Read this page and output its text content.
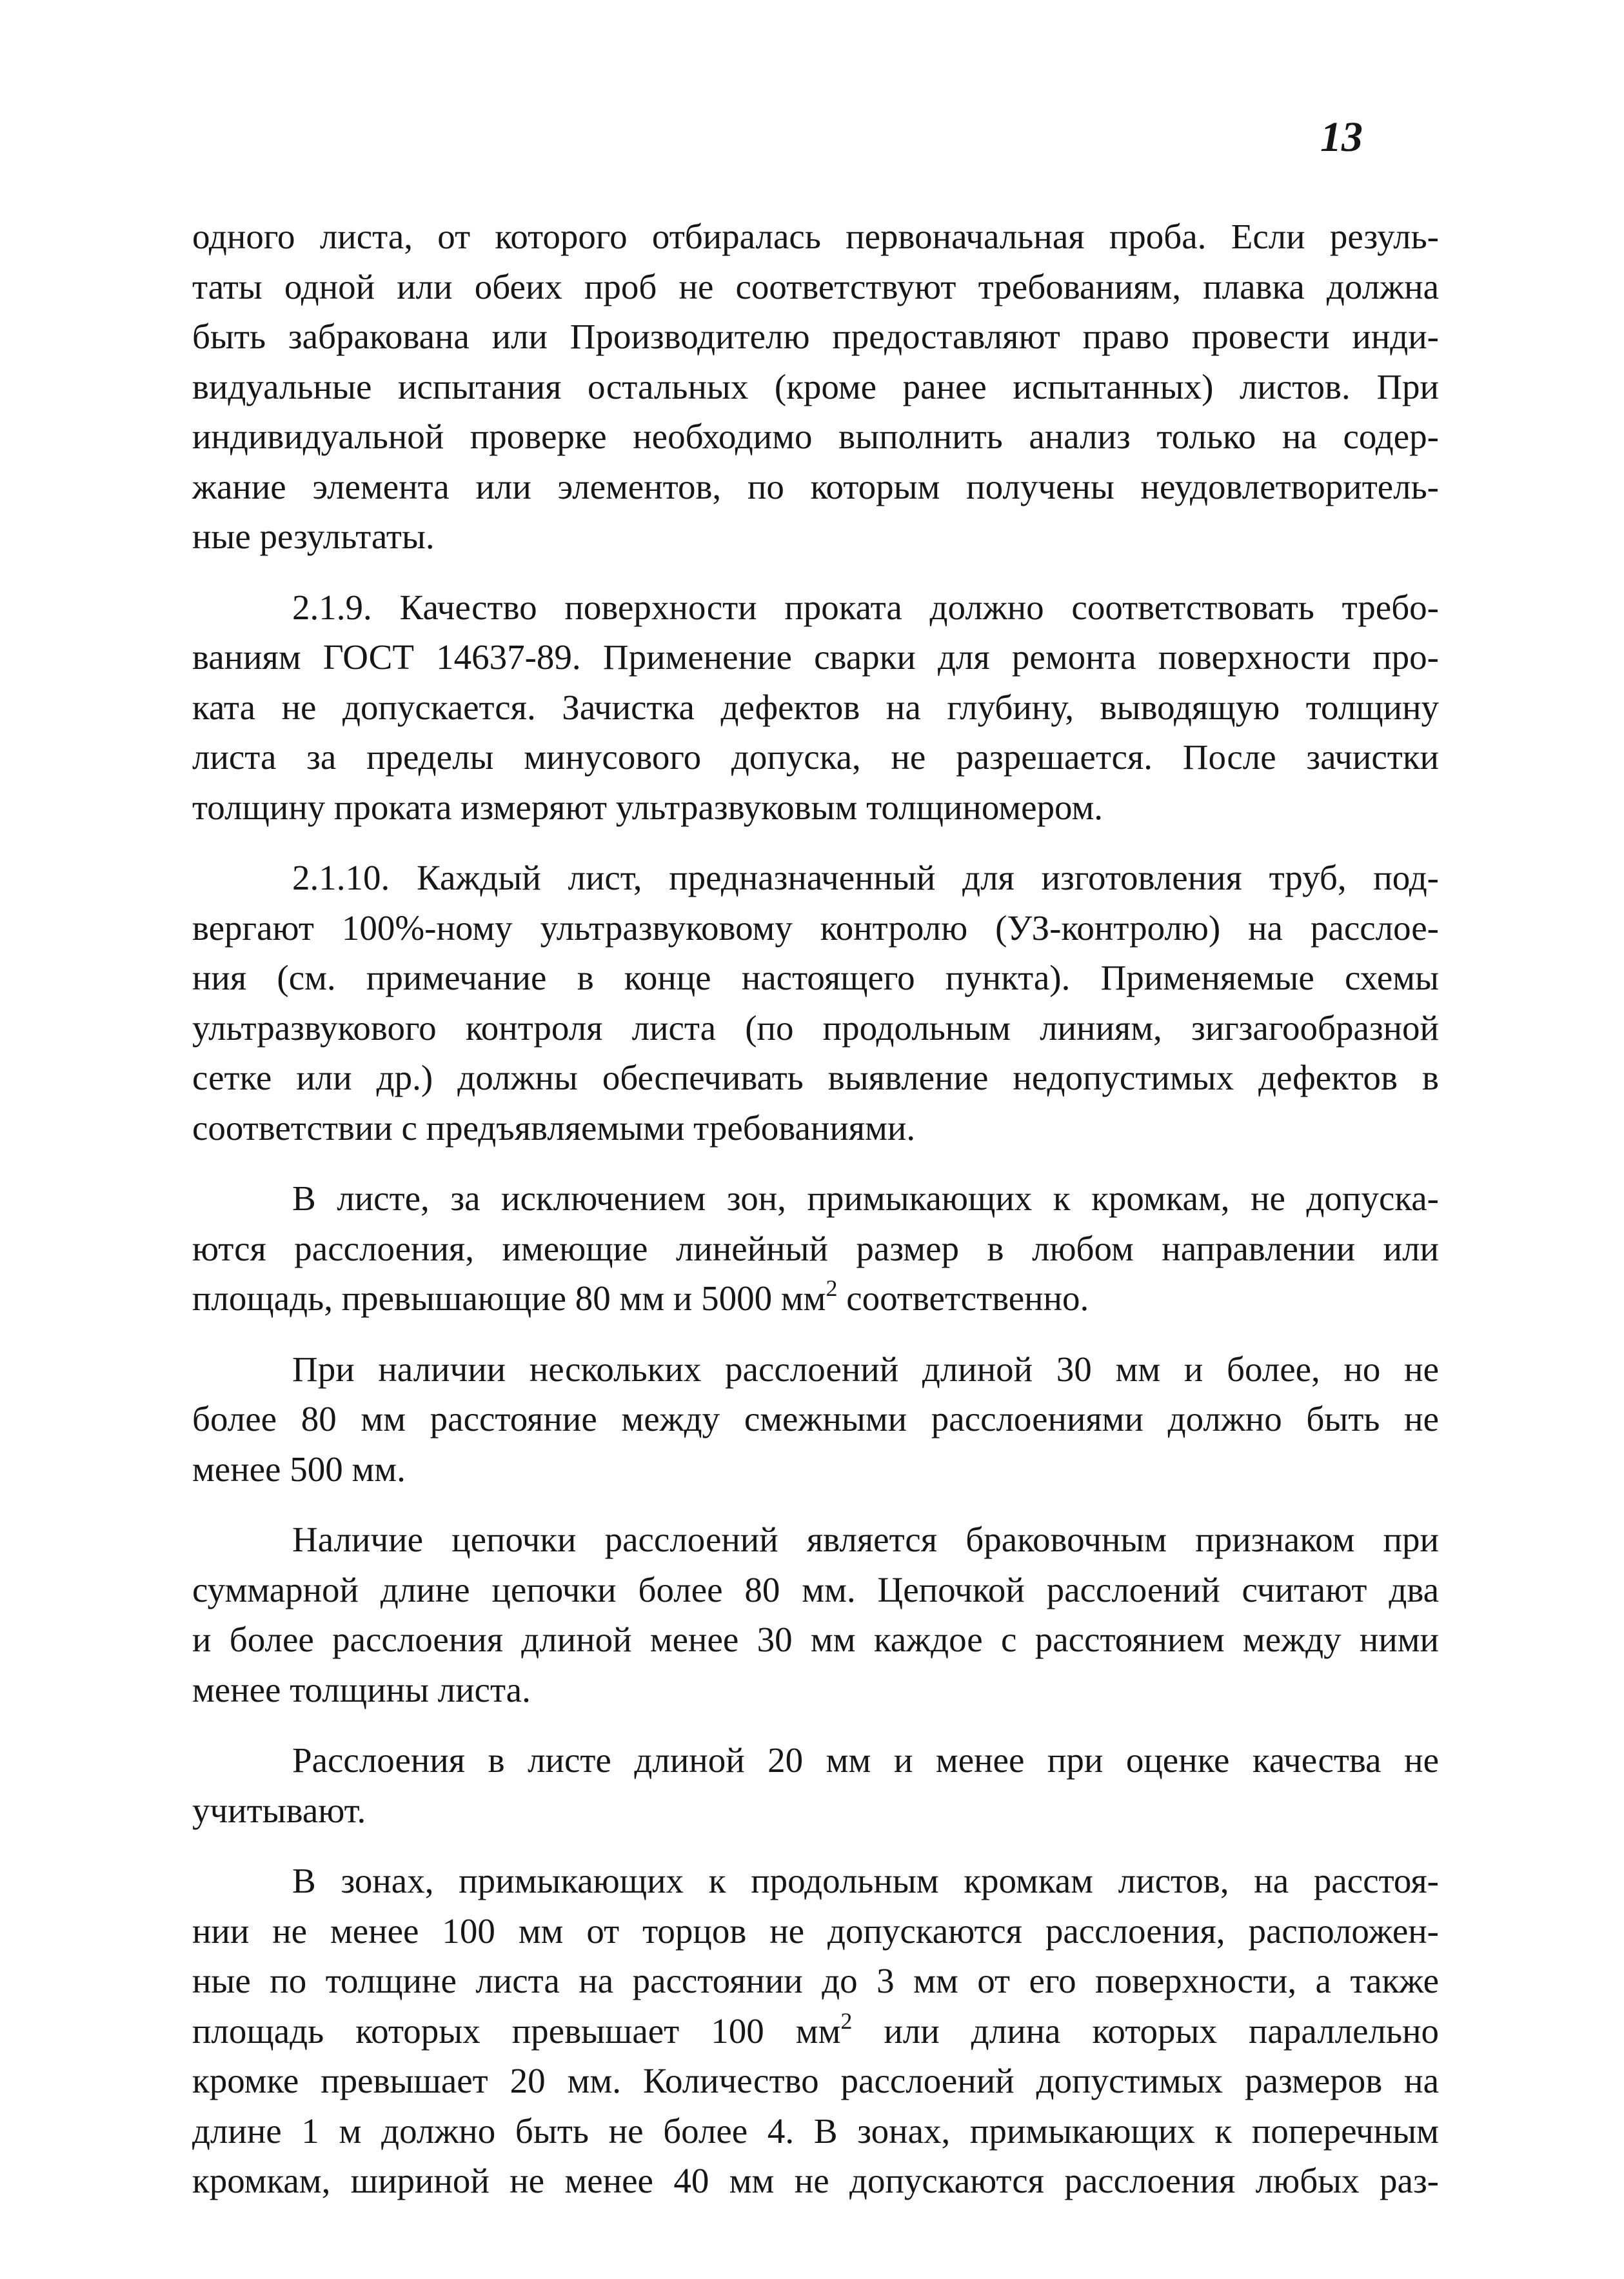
13

одного листа, от которого отбиралась первоначальная проба. Если резуль-
таты одной или обеих проб не соответствуют требованиям, плавка должна
быть забракована или Производителю предоставляют право провести инди-
видуальные испытания остальных (кроме ранее испытанных) листов. При
индивидуальной проверке необходимо выполнить анализ только на содер-
жание элемента или элементов, по которым получены неудовлетворитель-
ные результаты.

2.1.9. Качество поверхности проката должно соответствовать требо-
ваниям ГОСТ 14637-89. Применение сварки для ремонта поверхности про-
ката не допускается. Зачистка дефектов на глубину, выводящую толщину
листа за пределы минусового допуска, не разрешается. После зачистки
толщину проката измеряют ультразвуковым толщиномером.

2.1.10. Каждый лист, предназначенный для изготовления труб, под-
вергают 100%-ному ультразвуковому контролю (УЗ-контролю) на расслое-
ния (см. примечание в конце настоящего пункта). Применяемые схемы
ультразвукового контроля листа (по продольным линиям, зигзагообразной
сетке или др.) должны обеспечивать выявление недопустимых дефектов в
соответствии с предъявляемыми требованиями.

В листе, за исключением зон, примыкающих к кромкам, не допуска-
ются расслоения, имеющие линейный размер в любом направлении или
площадь, превышающие 80 мм и 5000 $мм^2$ соответственно.

При наличии нескольких расслоений длиной 30 мм и более, но не
более 80 мм расстояние между смежными расслоениями должно быть не
менее 500 мм.

Наличие цепочки расслоений является браковочным признаком при
суммарной длине цепочки более 80 мм. Цепочкой расслоений считают два
и более расслоения длиной менее 30 мм каждое с расстоянием между ними
менее толщины листа.

Расслоения в листе длиной 20 мм и менее при оценке качества не
учитывают.

В зонах, примыкающих к продольным кромкам листов, на расстоя-
нии не менее 100 мм от торцов не допускаются расслоения, расположен-
ные по толщине листа на расстоянии до 3 мм от его поверхности, а также
площадь которых превышает 100 $мм^2$ или длина которых параллельно
кромке превышает 20 мм. Количество расслоений допустимых размеров на
длине 1 м должно быть не более 4. В зонах, примыкающих к поперечным
кромкам, шириной не менее 40 мм не допускаются расслоения любых раз-
